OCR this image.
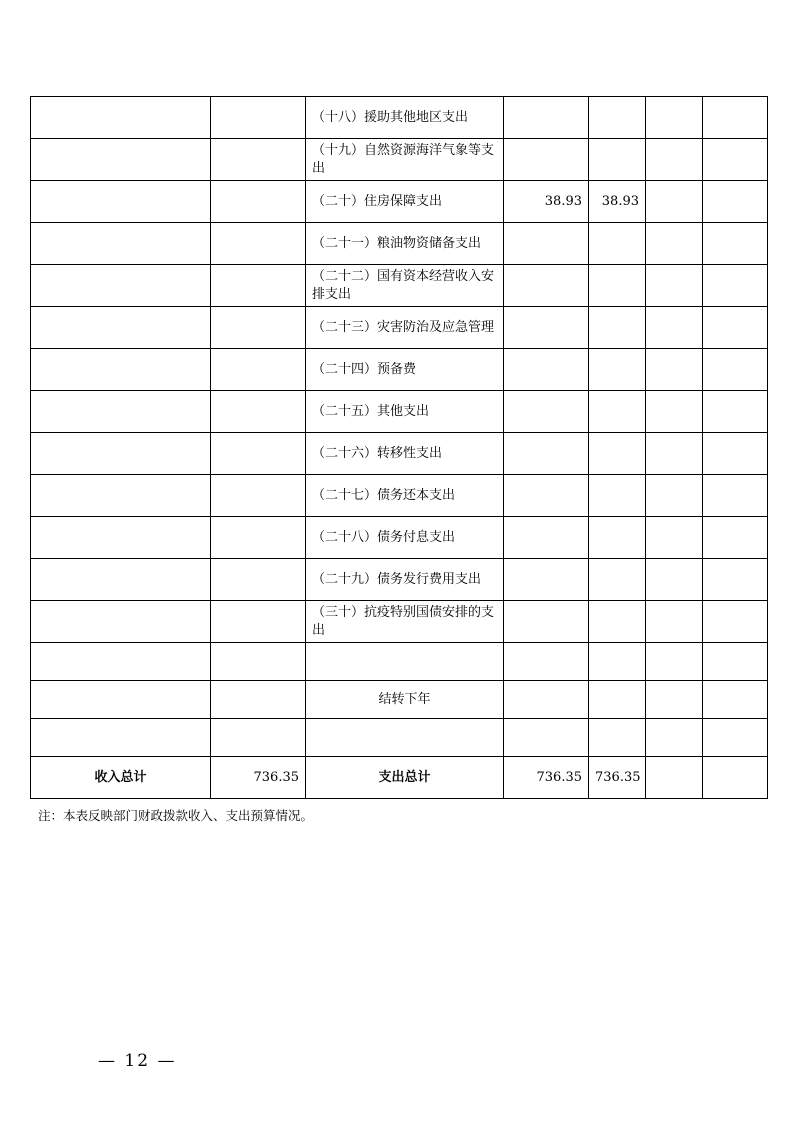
		（十八）援助其他地区支出				
		（十九）自然资源海洋气象等支出				
		（二十）住房保障支出	38.93	38.93		
		（二十一）粮油物资储备支出				
		（二十二）国有资本经营收入安排支出				
		（二十三）灾害防治及应急管理				
		（二十四）预备费				
		（二十五）其他支出				
		（二十六）转移性支出				
		（二十七）债务还本支出				
		（二十八）债务付息支出				
		（二十九）债务发行费用支出				
		（三十）抗疫特别国债安排的支出				

		结转下年				

收入总计	736.35	支出总计	736.35	736.35		
注：本表反映部门财政拨款收入、支出预算情况。
— 12 —
